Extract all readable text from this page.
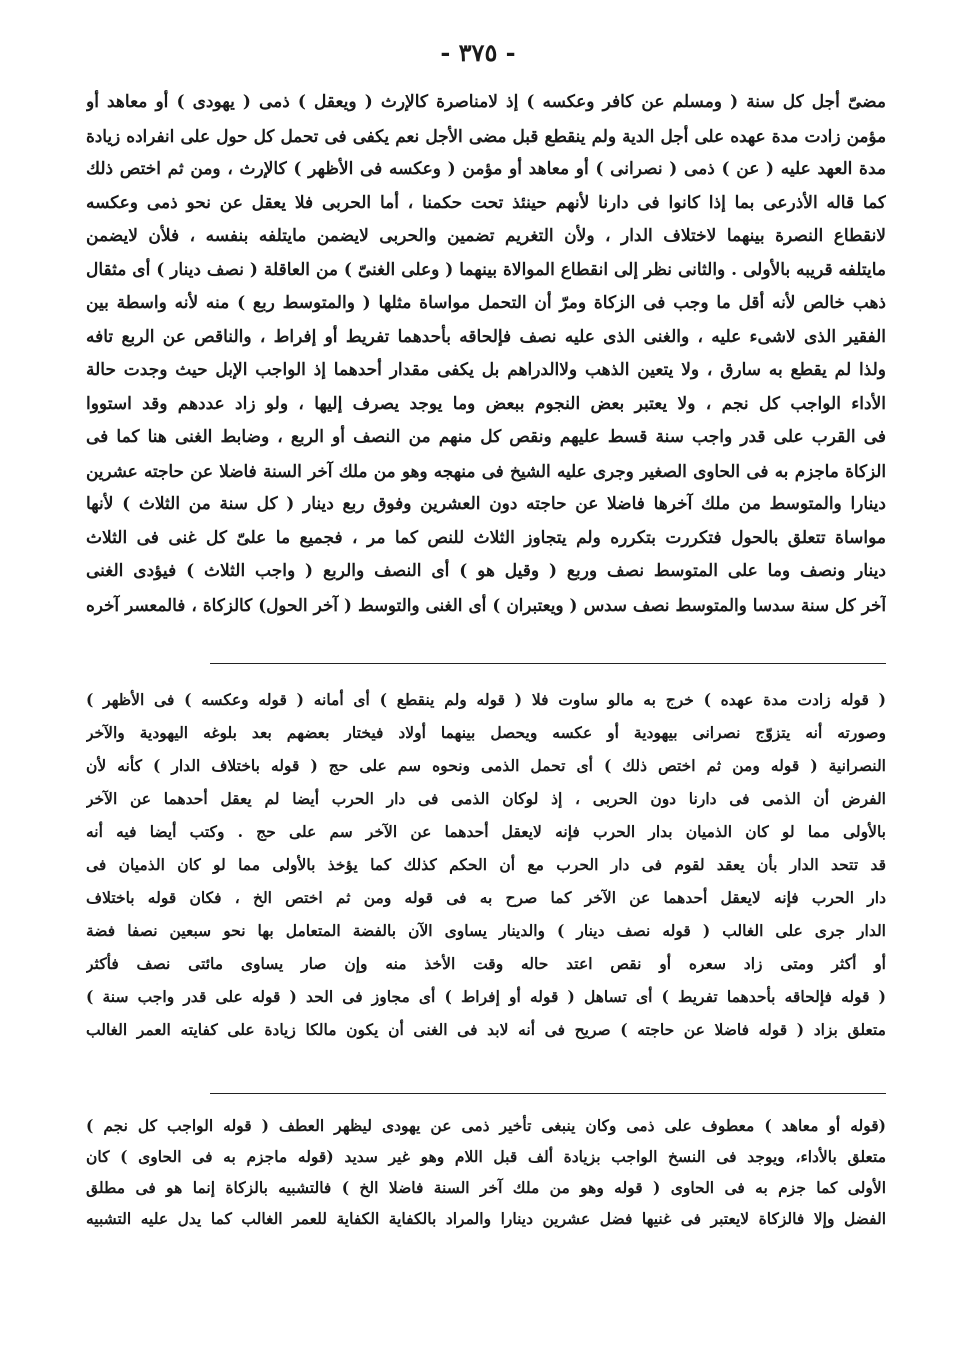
- ٣٧٥ -
مضىّ أجل كل سنة ( ومسلم عن كافر وعكسه ) إذ لامناصرة كالإرث ( ويعقل ) ذمى ( يهودى ) أو معاهد أو
مؤمن زادت مدة عهده على أجل الدية ولم ينقطع قبل مضى الأجل نعم يكفى فى تحمل كل حول على انفراده زيادة
مدة العهد عليه ( عن ) ذمى ( نصرانى ) أو معاهد أو مؤمن ( وعكسه فى الأظهر ) كالإرث ، ومن ثم اختص ذلك
كما قاله الأذرعى بما إذا كانوا فى دارنا لأنهم حينئذ تحت حكمنا ، أما الحربى فلا يعقل عن نحو ذمى وعكسه
لانقطاع النصرة بينهما لاختلاف الدار ، ولأن التغريم تضمين والحربى لايضمن مايتلفه بنفسه ، فلأن لايضمن
مايتلفه قريبه بالأولى . والثانى نظر إلى انقطاع الموالاة بينهما ( وعلى الغنىّ ) من العاقلة ( نصف دينار ) أى مثقال
ذهب خالص لأنه أقل ما وجب فى الزكاة ومرّ أن التحمل مواساة مثلها ( والمتوسط ربع ) منه لأنه واسطة بين
الفقير الذى لاشىء عليه ، والغنى الذى عليه نصف فإلحاقه بأحدهما تفريط أو إفراط ، والناقص عن الربع تافه
ولذا لم يقطع به سارق ، ولا يتعين الذهب ولاالدراهم بل يكفى مقدار أحدهما إذ الواجب الإبل حيث وجدت حالة
الأداء الواجب كل نجم ، ولا يعتبر بعض النجوم ببعض وما يوجد يصرف إليها ، ولو زاد عددهم وقد استووا
فى القرب على قدر واجب سنة قسط عليهم ونقص كل منهم من النصف أو الربع ، وضابط الغنى هنا كما فى
الزكاة ماجزم به فى الحاوى الصغير وجرى عليه الشيخ فى منهجه وهو من ملك آخر السنة فاضلا عن حاجته عشرين
دينارا والمتوسط من ملك آخرها فاضلا عن حاجته دون العشرين وفوق ربع دينار ( كل سنة من الثلاث ) لأنها
مواساة تتعلق بالحول فتكررت بتكرره ولم يتجاوز الثلاث للنص كما مر ، فجميع ما علىّ كل غنى فى الثلاث
دينار ونصف وما على المتوسط نصف وربع ( وقيل هو ) أى النصف والربع ( واجب الثلاث ) فيؤدى الغنى
آخر كل سنة سدسا والمتوسط نصف سدس ( ويعتبران ) أى الغنى والتوسط ( آخر الحول) كالزكاة ، فالمعسر آخره
( قوله زادت مدة عهده ) خرج به مالو ساوت فلا ( قوله ولم ينقطع ) أى أمانه ( قوله وعكسه ) فى الأظهر )
وصورته أنه يتزوّج نصرانى بيهودية أو عكسه ويحصل بينهما أولاد فيختار بعضهم بعد بلوغه اليهودية والآخر
النصرانية ( قوله ومن ثم اختص ذلك ) أى تحمل الذمى ونحوه سم على حج ( قوله باختلاف الدار ) كأنه لأن
الفرض أن الذمى فى دارنا دون الحربى ، إذ لوكان الذمى فى دار الحرب أيضا لم يعقل أحدهما عن الآخر
بالأولى مما لو كان الذميان بدار الحرب فإنه لايعقل أحدهما عن الآخر سم على حج . وكتب أيضا فيه أنه
قد تتحد الدار بأن يعقد لقوم فى دار الحرب مع أن الحكم كذلك كما يؤخذ بالأولى مما لو كان الذميان فى
دار الحرب فإنه لايعقل أحدهما عن الآخر كما صرح به فى قوله ومن ثم اختص الخ ، فكان قوله باختلاف
الدار جرى على الغالب ( قوله نصف دينار ) والدينار يساوى الآن بالفضة المتعامل بها نحو سبعين نصفا فضة
أو أكثر ومتى زاد سعره أو نقص اعتد حاله وقت الأخذ منه وإن صار يساوى مائتى نصف فأكثر
( قوله فإلحاقه بأحدهما تفريط ) أى تساهل ( قوله أو إفراط ) أى مجاوز فى الحد ( قوله على قدر واجب سنة )
متعلق بزاد ( قوله فاضلا عن حاجته ) صريح فى أنه لابد فى الغنى أن يكون مالكا زيادة على كفايته العمر الغالب
(قوله أو معاهد ) معطوف على ذمى وكان ينبغى تأخير ذمى عن يهودى ليظهر العطف ( قوله الواجب كل نجم )
متعلق بالأداء، ويوجد فى النسخ الواجب بزيادة ألف قبل اللام وهو غير سديد (قوله ماجزم به فى الحاوى ) كان
الأولى كما جزم به فى الحاوى ( قوله وهو من ملك آخر السنة فاضلا الخ ) فالتشبيه بالزكاة إنما هو فى مطلق
الفضل وإلا فالزكاة لايعتبر فى غنيها فضل عشرين دينارا والمراد بالكفاية الكفاية للعمر الغالب كما يدل عليه التشبيه
